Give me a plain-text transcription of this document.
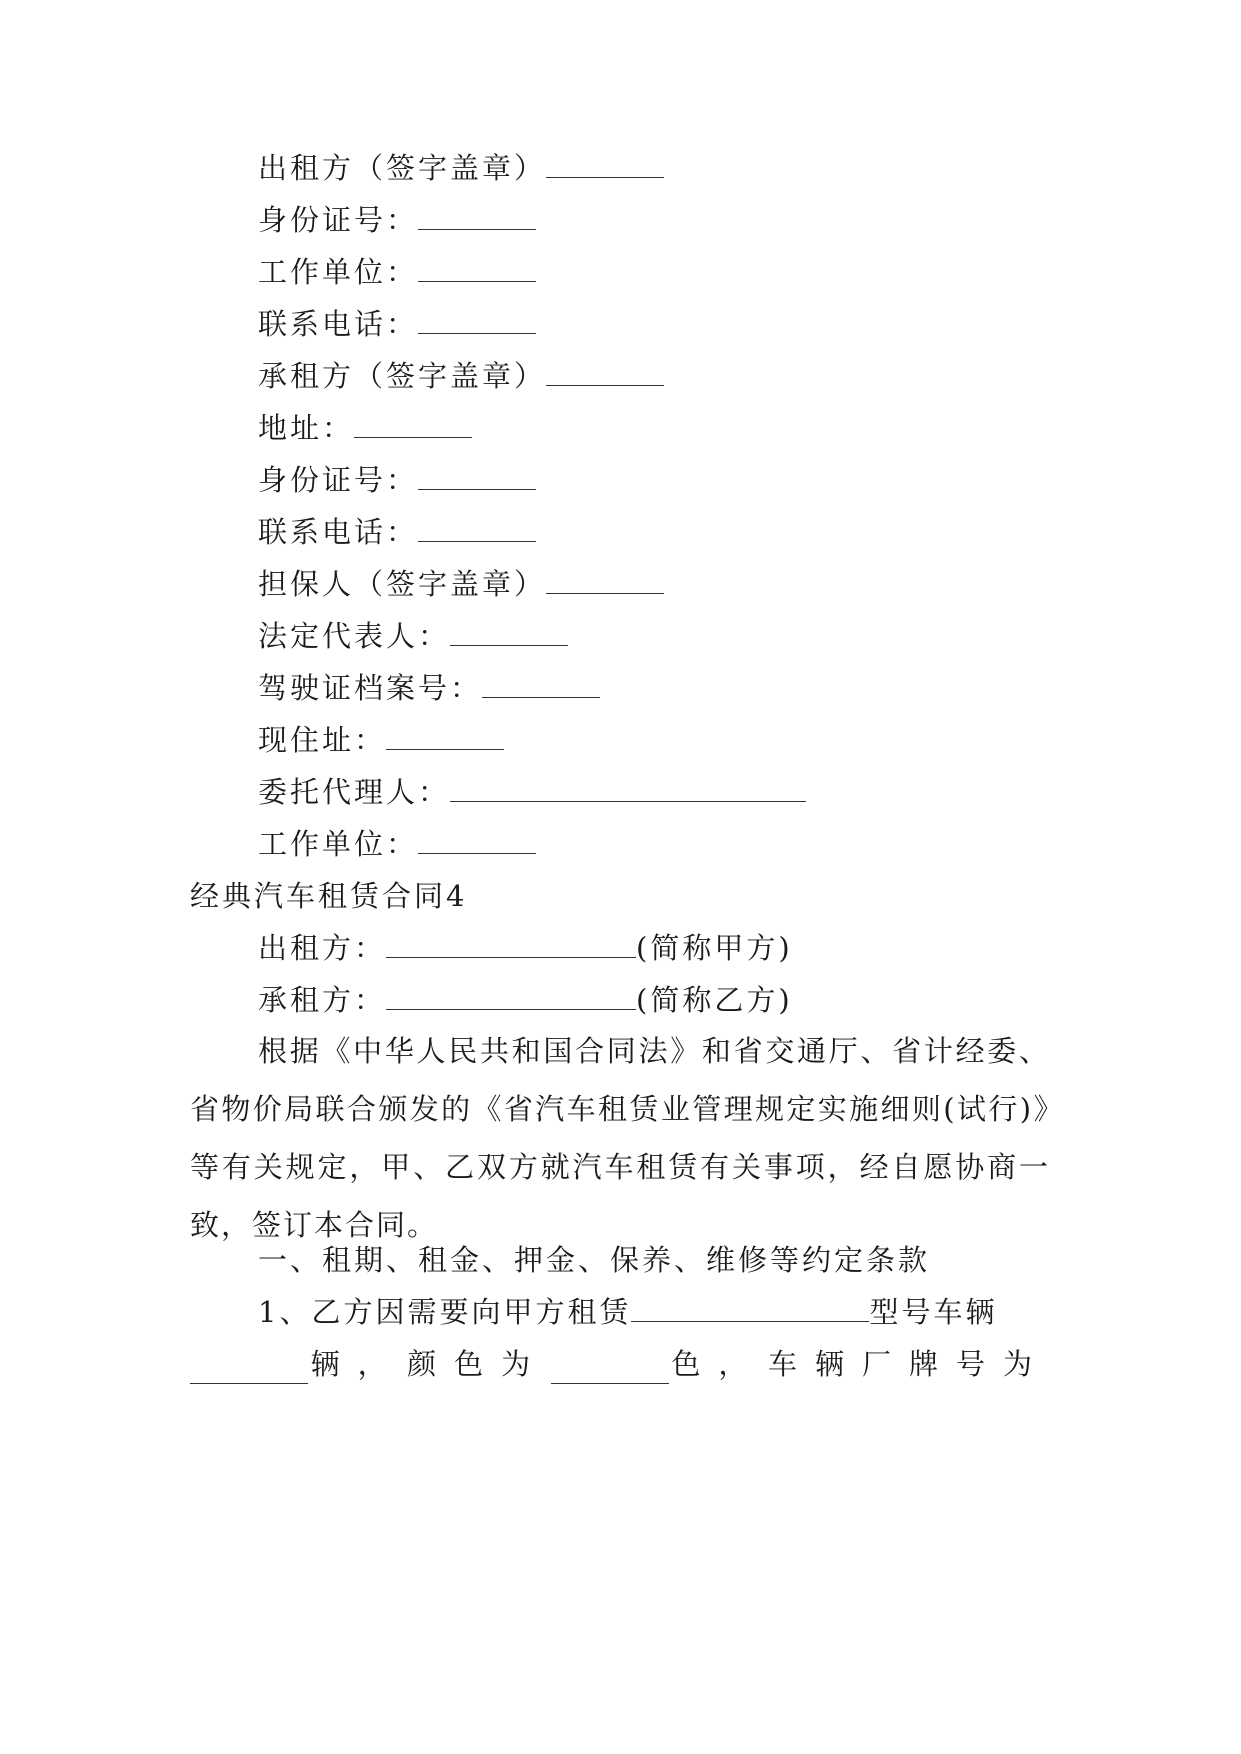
出租方（签字盖章）
身份证号：
工作单位：
联系电话：
承租方（签字盖章）
地址：
身份证号：
联系电话：
担保人（签字盖章）
法定代表人：
驾驶证档案号：
现住址：
委托代理人：
工作单位：
经典汽车租赁合同4
出租方：	(简称甲方)
承租方：	(简称乙方)
根据《中华人民共和国合同法》和省交通厅、省计经委、省物价局联合颁发的《省汽车租赁业管理规定实施细则(试行)》等有关规定，甲、乙双方就汽车租赁有关事项，经自愿协商一致，签订本合同。
一、租期、租金、押金、保养、维修等约定条款
1、乙方因需要向甲方租赁	型号车辆
辆， 颜色为	色， 车辆厂牌号为
